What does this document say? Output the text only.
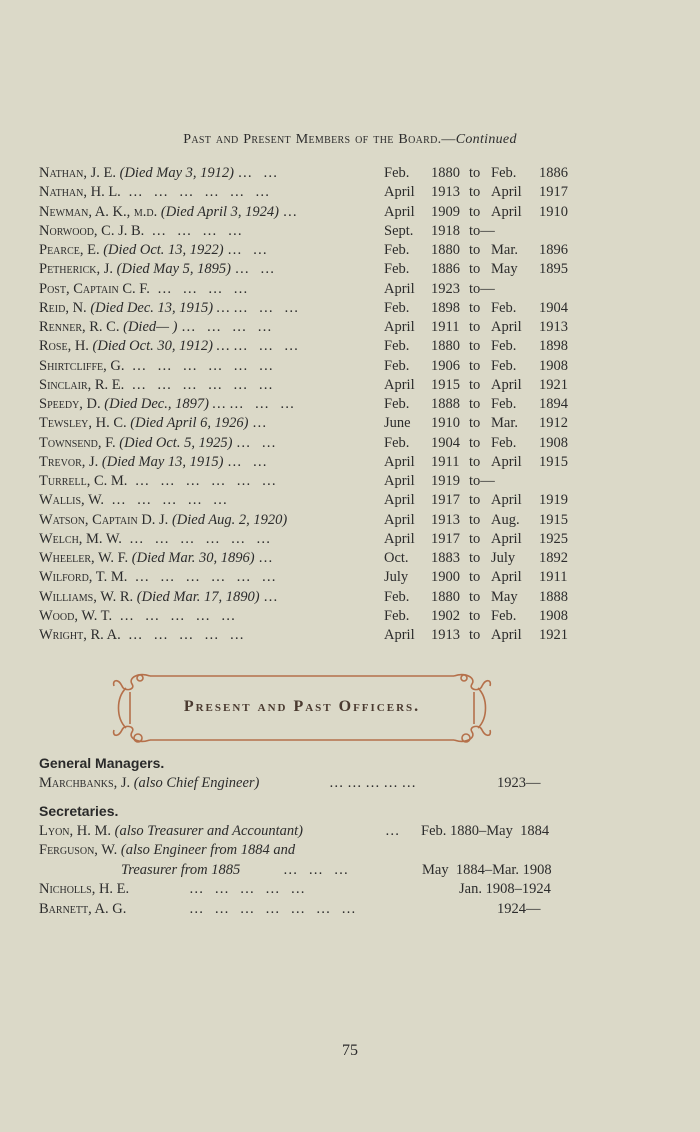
Past and Present Members of the Board.—Continued
Nathan, J. E. (Died May 3, 1912) …   …	Feb. 1880 to Feb. 1886
Nathan, H. L. …   …   …   …   …   …	April 1913 to April 1917
Newman, A. K., m.d. (Died April 3, 1924) …	April 1909 to April 1910
Norwood, C. J. B. …   …   …   …	Sept. 1918 to—
Pearce, E. (Died Oct. 13, 1922) …   …	Feb. 1880 to Mar. 1896
Petherick, J. (Died May 5, 1895) …   …	Feb. 1886 to May 1895
Post, Captain C. F. …   …   …   …	April 1923 to—
Reid, N. (Died Dec. 13, 1915) … …   …   …	Feb. 1898 to Feb. 1904
Renner, R. C. (Died— ) …   …   …   …	April 1911 to April 1913
Rose, H. (Died Oct. 30, 1912) … …   …   …	Feb. 1880 to Feb. 1898
Shirtcliffe, G. …   …   …   …   …   …	Feb. 1906 to Feb. 1908
Sinclair, R. E. …   …   …   …   …   …	April 1915 to April 1921
Speedy, D. (Died Dec., 1897) … …   …   …	Feb. 1888 to Feb. 1894
Tewsley, H. C. (Died April 6, 1926) …	June 1910 to Mar. 1912
Townsend, F. (Died Oct. 5, 1925) …   …	Feb. 1904 to Feb. 1908
Trevor, J. (Died May 13, 1915) …   …	April 1911 to April 1915
Turrell, C. M. …   …   …   …   …   …	April 1919 to—
Wallis, W. …   …   …   …   …	April 1917 to April 1919
Watson, Captain D. J. (Died Aug. 2, 1920)	April 1913 to Aug. 1915
Welch, M. W. …   …   …   …   …   …	April 1917 to April 1925
Wheeler, W. F. (Died Mar. 30, 1896) …	Oct. 1883 to July 1892
Wilford, T. M. …   …   …   …   …   …	July 1900 to April 1911
Williams, W. R. (Died Mar. 17, 1890) …	Feb. 1880 to May 1888
Wood, W. T. …   …   …   …   …	Feb. 1902 to Feb. 1908
Wright, R. A. …   …   …   …   …	April 1913 to April 1921
Present and Past Officers.
General Managers.
Marchbanks, J. (also Chief Engineer)	… … … … …	1923—
Secretaries.
Lyon, H. M. (also Treasurer and Accountant)	… Feb. 1880–May  1884
Ferguson, W. (also Engineer from 1884 and
Treasurer from 1885	…   …   …	May  1884–Mar. 1908
Nicholls, H. E.	…   …   …   …   …	Jan. 1908–1924
Barnett, A. G.	…   …   …   …   …   …   …	1924—
75
